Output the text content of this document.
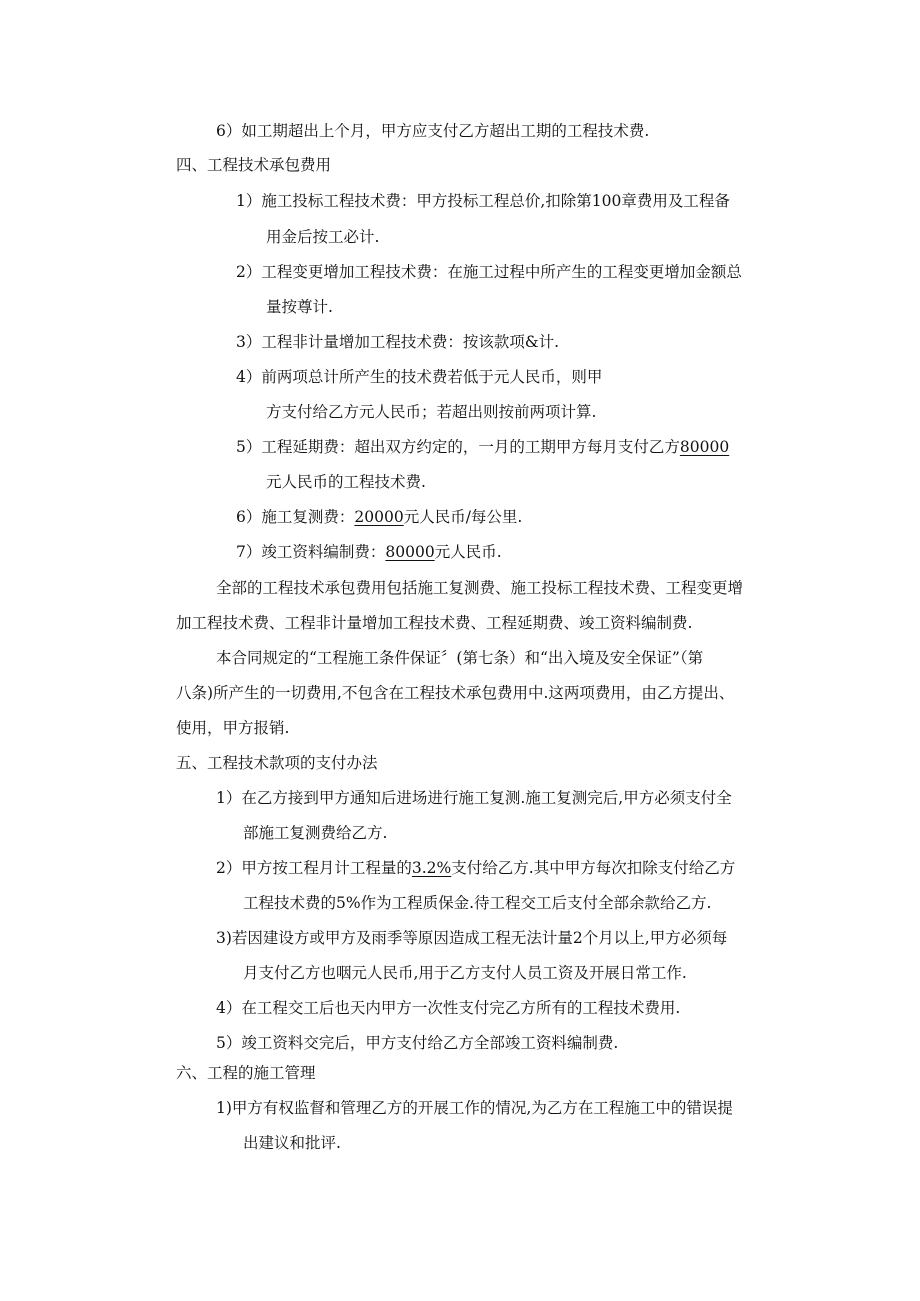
6）如工期超出上个月，甲方应支付乙方超出工期的工程技术费.
四、工程技术承包费用
1）施工投标工程技术费：甲方投标工程总价,扣除第100章费用及工程备
用金后按工必计.
2）工程变更增加工程技术费：在施工过程中所产生的工程变更增加金额总
量按尊计.
3）工程非计量增加工程技术费：按该款项&计.
4）前两项总计所产生的技术费若低于元人民币，则甲
方支付给乙方元人民币；若超出则按前两项计算.
5）工程延期费：超出双方约定的，一月的工期甲方每月支付乙方80000
元人民币的工程技术费.
6）施工复测费：20000元人民币/每公里.
7）竣工资料编制费：80000元人民币.
全部的工程技术承包费用包括施工复测费、施工投标工程技术费、工程变更增
加工程技术费、工程非计量增加工程技术费、工程延期费、竣工资料编制费.
本合同规定的“工程施工条件保证〞(第七条）和“出入境及安全保证”（第
八条)所产生的一切费用,不包含在工程技术承包费用中.这两项费用，由乙方提出、
使用，甲方报销.
五、工程技术款项的支付办法
1）在乙方接到甲方通知后进场进行施工复测.施工复测完后,甲方必须支付全
部施工复测费给乙方.
2）甲方按工程月计工程量的3.2%支付给乙方.其中甲方每次扣除支付给乙方
工程技术费的5%作为工程质保金.待工程交工后支付全部余款给乙方.
3)若因建设方或甲方及雨季等原因造成工程无法计量2个月以上,甲方必须每
月支付乙方也咽元人民币,用于乙方支付人员工资及开展日常工作.
4）在工程交工后也天内甲方一次性支付完乙方所有的工程技术费用.
5）竣工资料交完后，甲方支付给乙方全部竣工资料编制费.
六、工程的施工管理
1)甲方有权监督和管理乙方的开展工作的情况,为乙方在工程施工中的错误提
出建议和批评.
